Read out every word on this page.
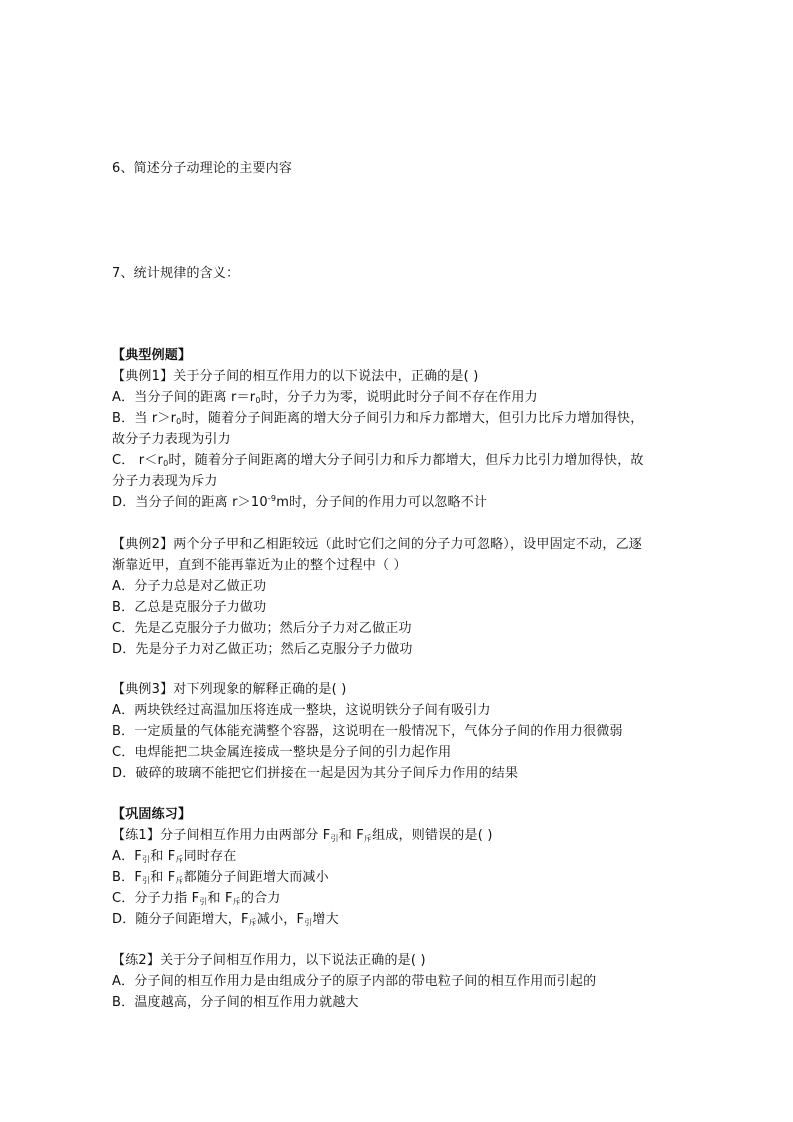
6、简述分子动理论的主要内容
7、统计规律的含义：
【典型例题】
【典例1】关于分子间的相互作用力的以下说法中，正确的是( )
A．当分子间的距离 $r=r_0$时，分子力为零，说明此时分子间不存在作用力
B．当 $r>r_0$时，随着分子间距离的增大分子间引力和斥力都增大，但引力比斥力增加得快，
故分子力表现为引力
C． $r<r_0$时，随着分子间距离的增大分子间引力和斥力都增大，但斥力比引力增加得快，故
分子力表现为斥力
D．当分子间的距离 $r>10^{-9}m$时，分子间的作用力可以忽略不计
【典例2】两个分子甲和乙相距较远（此时它们之间的分子力可忽略），设甲固定不动，乙逐
渐靠近甲，直到不能再靠近为止的整个过程中（ ）
A．分子力总是对乙做正功
B．乙总是克服分子力做功
C．先是乙克服分子力做功；然后分子力对乙做正功
D．先是分子力对乙做正功；然后乙克服分子力做功
【典例3】对下列现象的解释正确的是( )
A．两块铁经过高温加压将连成一整块，这说明铁分子间有吸引力
B．一定质量的气体能充满整个容器，这说明在一般情况下，气体分子间的作用力很微弱
C．电焊能把二块金属连接成一整块是分子间的引力起作用
D．破碎的玻璃不能把它们拼接在一起是因为其分子间斥力作用的结果
【巩固练习】
【练1】分子间相互作用力由两部分 $F_引$和 $F_斥$组成，则错误的是( )
A．$F_引$和 $F_斥$同时存在
B．$F_引$和 $F_斥$都随分子间距增大而减小
C．分子力指 $F_引$和 $F_斥$的合力
D．随分子间距增大，$F_斥$减小，$F_引$增大
【练2】关于分子间相互作用力，以下说法正确的是( )
A．分子间的相互作用力是由组成分子的原子内部的带电粒子间的相互作用而引起的
B．温度越高，分子间的相互作用力就越大
